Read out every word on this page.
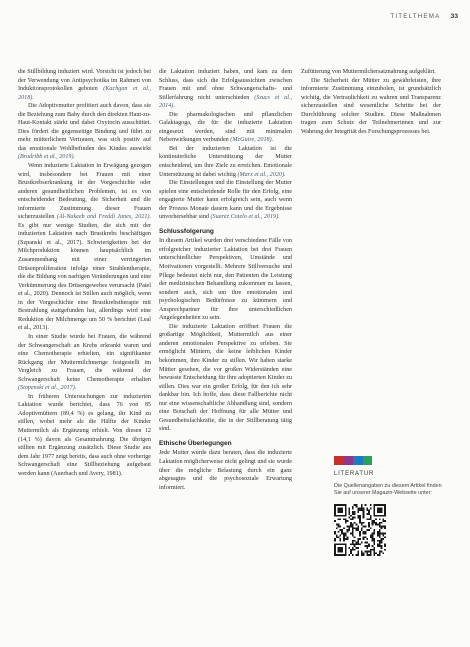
TITELTHEMA 33

die Stillbildung induziert wird. Vorsicht ist jedoch bei der Verwendung von Antipsychotika im Rahmen von Induktionsprotokollen geboten (Kachgan et al., 2018).

Die Adoptivmutter profitiert auch davon, dass sie die Beziehung zum Baby durch den direkten Haut-zu-Haut-Kontakt stärkt und dabei Oxytocin ausschüttet. Dies fördert die gegenseitige Bindung und führt zu mehr mütterlichem Vertrauen, was sich positiv auf das emotionale Wohlbefinden des Kindes auswirkt (Brodribb et al., 2019).

Wenn induzierte Laktation in Erwägung gezogen wird, insbesondere bei Frauen mit einer Brustkrebserkrankung in der Vorgeschichte oder anderen gesundheitlichen Problemen, ist es von entscheidender Bedeutung, die Sicherheit und die informierte Zustimmung dieser Frauen sicherzustellen (Al-Nakeeb and Freddi Janes, 2021). Es gibt nur wenige Studien, die sich mit der induzierten Laktation nach Brustkrebs beschäftigen (Szpanski et al., 2017). Schwierigkeiten bei der Milchproduktion können hauptsächlich im Zusammenhang mit einer verringerten Drüsenproliferation infolge einer Strahlentherapie, die die Bildung von narbigen Veränderungen und eine Verkümmerung des Drüsengewebes verursacht (Patel et al., 2020). Dennoch ist Stillen auch möglich, wenn in der Vorgeschichte eine Brustkrebstherapie mit Bestrahlung stattgefunden hat, allerdings wird eine Reduktion der Milchmenge um 50 % berichtet (Leal et al., 2013).

In einer Studie wurde bei Frauen, die während der Schwangerschaft an Krebs erkrankt waren und eine Chemotherapie erhielten, ein signifikanter Rückgang der Muttermilchmenge festgestellt im Vergleich zu Frauen, die während der Schwangerschaft keine Chemotherapie erhalten (Stopenski et al., 2017).

In früheren Untersuchungen zur induzierten Laktation wurde berichtet, dass 76 von 85 Adoptivmüttern (89,4 %) es gelang, ihr Kind zu stillen, wobei mehr als die Hälfte der Kinder Muttermilch als Ergänzung erhielt. Von diesen 12 (14,1 %) davon als Gesamtnahrung. Die übrigen stillten mit Ergänzung zusätzlich. Diese Studie aus dem Jahr 1977 zeigt bereits, dass auch ohne vorherige Schwangerschaft eine Stillbeziehung aufgebaut werden kann (Auerbach und Avery, 1981).

die Laktation induziert haben, und kam zu dem Schluss, dass sich die Erfolgsaussichten zwischen Frauen mit und ohne Schwangerschafts- und Stillerfahrung nicht unterschieden (Szucs et al., 2014).

Die pharmakologischen und pflanzlichen Galaktagoga, die für die induzierte Laktation eingesetzt werden, sind mit minimalen Nebenwirkungen verbunden (McGuire, 2018).

Bei der induzierten Laktation ist die kontinuierliche Unterstützung der Mutter entscheidend, um ihre Ziele zu erreichen. Emotionale Unterstützung ist dabei wichtig (Marx et al., 2020).

Die Einstellungen und die Einstellung der Mutter spielen eine entscheidende Rolle für den Erfolg, eine engagierte Mutter kann erfolgreich sein, auch wenn der Prozess Monate dauern kann und die Ergebnisse unvorhersehbar sind (Suarez Cotelo et al., 2019).

Schlussfolgerung

In diesem Artikel wurden drei verschiedene Fälle von erfolgreicher induzierter Laktation bei drei Frauen unterschiedlicher Perspektiven, Umstände und Motivationen vorgestellt. Mehrere Stillversuche und Pflege bedeutet nicht nur, den Patienten die Leistung der medizinischen Behandlung zukommen zu lassen, sondern auch, sich um ihre emotionalen und psychologischen Bedürfnisse zu kümmern und Ansprechpartner für ihre unterschiedlichen Angelegenheiten zu sein.

Die induzierte Laktation eröffnet Frauen die großartige Möglichkeit, Muttermilch aus einer anderen emotionalen Perspektive zu erleben. Sie ermöglicht Müttern, die keine leiblichen Kinder bekommen, ihre Kinder zu stillen. Wir haben starke Mütter gesehen, die vor großen Widerständen eine bewusste Entscheidung für ihre adoptierten Kinder zu stillen. Dies war ein großer Erfolg, für den ich sehr dankbar bin. Ich hoffe, dass diese Fallberichte nicht nur eine wissenschaftliche Abhandlung sind, sondern eine Botschaft der Hoffnung für alle Mütter und Gesundheitsfachkräfte, die in der Stillberatung tätig sind.

Ethische Überlegungen

Jede Mutter wurde dazu beraten, dass die induzierte Laktation möglicherweise nicht gelingt und sie wurde über die mögliche Belastung durch ein ganz abgesagtes und die psychosoziale Erwartung informiert.

Zufütterung von Muttermilchersatznahrung aufgeklärt.

Die Sicherheit der Mütter zu gewährleisten, ihre informierte Zustimmung einzuholen, ist grundsätzlich wichtig, die Vertraulichkeit zu wahren und Transparenz sicherzustellen sind wesentliche Schritte bei der Durchführung solcher Studien. Diese Maßnahmen tragen zum Schutz der Teilnehmerinnen und zur Wahrung der Integrität des Forschungsprozesses bei.

LITERATUR
Die Quellenangaben zu diesem Artikel finden Sie auf unserer Magazin-Webseite unter:
